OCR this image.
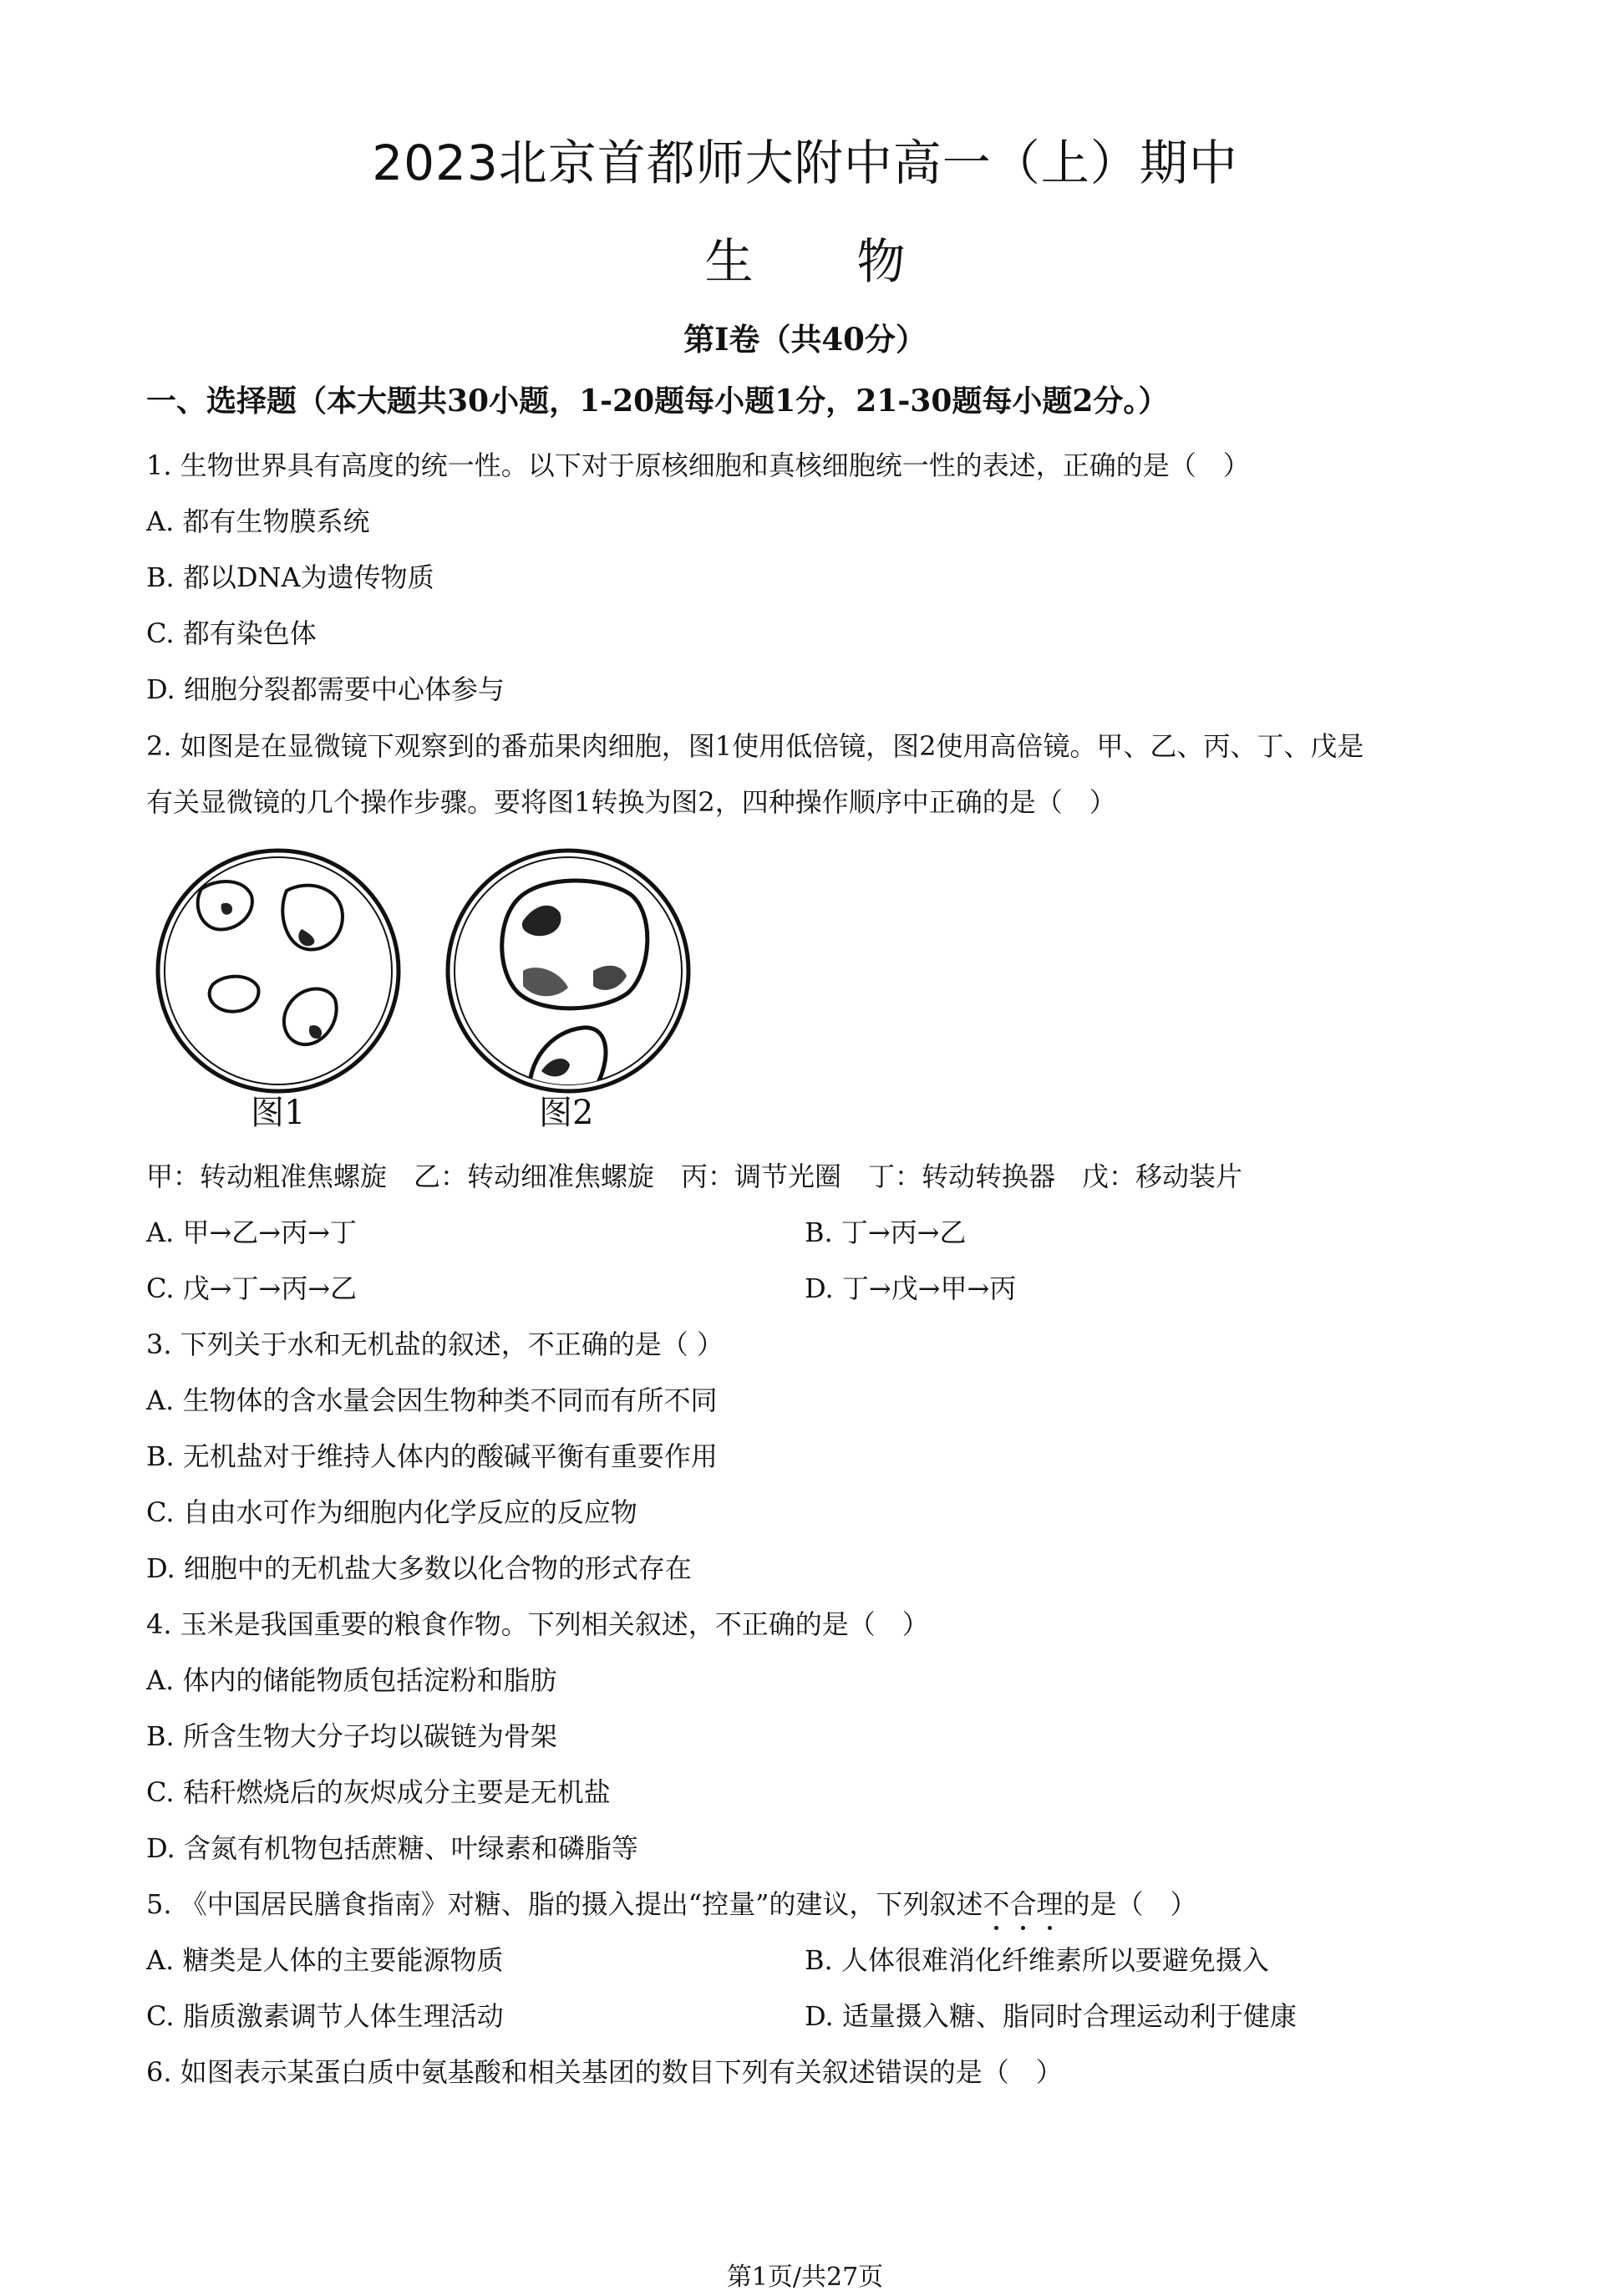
2023北京首都师大附中高一（上）期中
生 物
第Ⅰ卷（共40分）
一、选择题（本大题共30小题，1-20题每小题1分，21-30题每小题2分。）
1. 生物世界具有高度的统一性。以下对于原核细胞和真核细胞统一性的表述，正确的是（　）
A. 都有生物膜系统
B. 都以DNA为遗传物质
C. 都有染色体
D. 细胞分裂都需要中心体参与
2. 如图是在显微镜下观察到的番茄果肉细胞，图1使用低倍镜，图2使用高倍镜。甲、乙、丙、丁、戊是
有关显微镜的几个操作步骤。要将图1转换为图2，四种操作顺序中正确的是（　）
图1	图2
甲：转动粗准焦螺旋　乙：转动细准焦螺旋　丙：调节光圈　丁：转动转换器　戊：移动装片
A. 甲→乙→丙→丁	B. 丁→丙→乙
C. 戊→丁→丙→乙	D. 丁→戊→甲→丙
3. 下列关于水和无机盐的叙述，不正确的是（ ）
A. 生物体的含水量会因生物种类不同而有所不同
B. 无机盐对于维持人体内的酸碱平衡有重要作用
C. 自由水可作为细胞内化学反应的反应物
D. 细胞中的无机盐大多数以化合物的形式存在
4. 玉米是我国重要的粮食作物。下列相关叙述，不正确的是（　）
A. 体内的储能物质包括淀粉和脂肪
B. 所含生物大分子均以碳链为骨架
C. 秸秆燃烧后的灰烬成分主要是无机盐
D. 含氮有机物包括蔗糖、叶绿素和磷脂等
5. 《中国居民膳食指南》对糖、脂的摄入提出“控量”的建议，下列叙述不
合
理
的是（　）
A. 糖类是人体的主要能源物质	B. 人体很难消化纤维素所以要避免摄入
C. 脂质激素调节人体生理活动	D. 适量摄入糖、脂同时合理运动利于健康
6. 如图表示某蛋白质中氨基酸和相关基团的数目下列有关叙述错误的是（　）
第1页/共27页
